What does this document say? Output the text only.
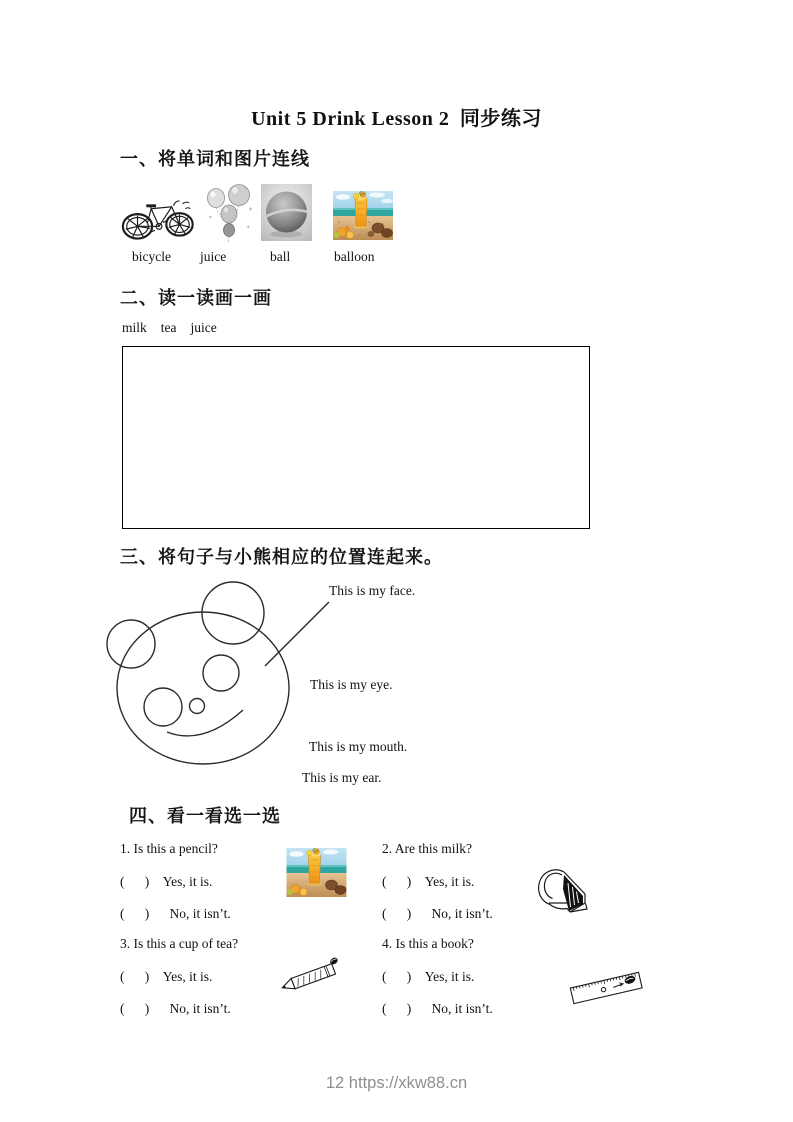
Unit 5 Drink Lesson 2 同步练习
一、将单词和图片连线
bicycle juice	ball	balloon
二、读一读画一画
milk tea juice
三、将句子与小熊相应的位置连起来。
This is my face.
This is my eye.
This is my mouth.
This is my ear.
四、看一看选一选
1. Is this a pencil?
(  ) Yes, it is.
(  )  No, it isn’t.
2. Are this milk?
(  ) Yes, it is.
(  )  No, it isn’t.
3. Is this a cup of tea?
(  ) Yes, it is.
(  )  No, it isn’t.
4. Is this a book?
(  ) Yes, it is.
(  )  No, it isn’t.
12 https://xkw88.cn
